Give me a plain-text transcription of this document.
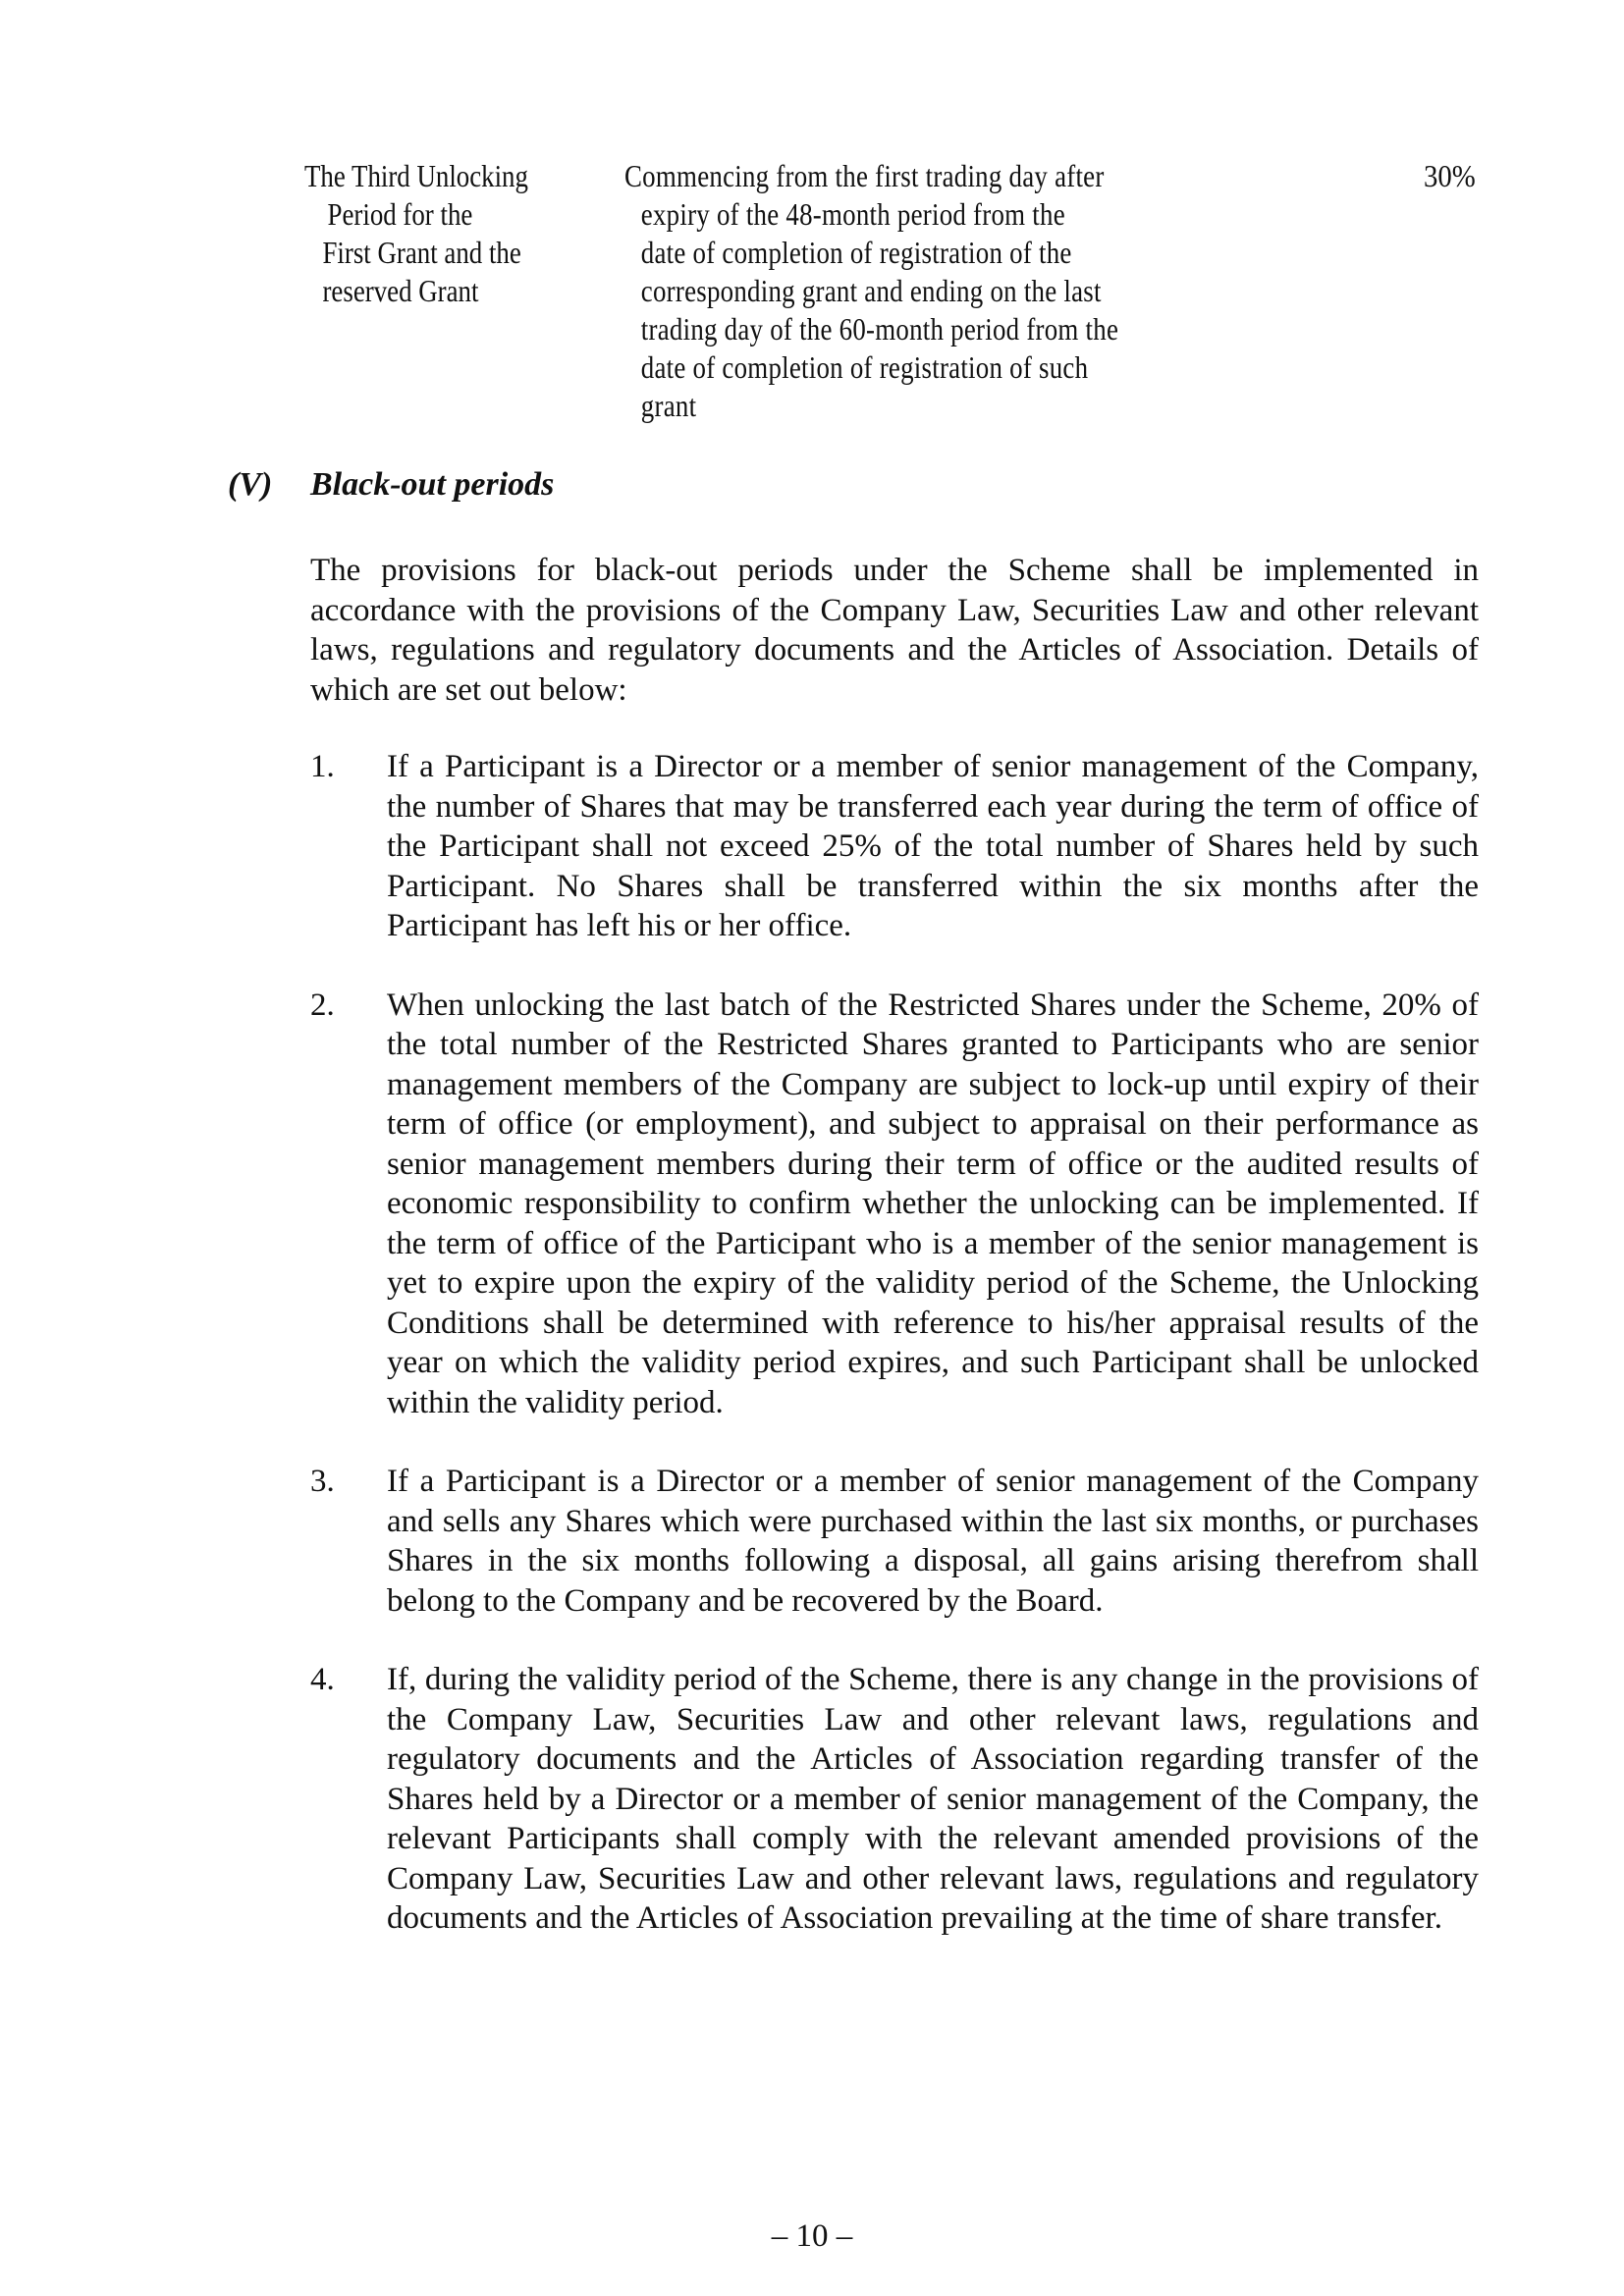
The Third Unlocking
Period for the
First Grant and the
reserved Grant
Commencing from the first trading day after
expiry of the 48-month period from the
date of completion of registration of the
corresponding grant and ending on the last
trading day of the 60-month period from the
date of completion of registration of such
grant
30%
(V) Black-out periods

The provisions for black-out periods under the Scheme shall be implemented in accordance with the provisions of the Company Law, Securities Law and other relevant laws, regulations and regulatory documents and the Articles of Association. Details of which are set out below:

1. If a Participant is a Director or a member of senior management of the Company, the number of Shares that may be transferred each year during the term of office of the Participant shall not exceed 25% of the total number of Shares held by such Participant. No Shares shall be transferred within the six months after the Participant has left his or her office.
2. When unlocking the last batch of the Restricted Shares under the Scheme, 20% of the total number of the Restricted Shares granted to Participants who are senior management members of the Company are subject to lock-up until expiry of their term of office (or employment), and subject to appraisal on their performance as senior management members during their term of office or the audited results of economic responsibility to confirm whether the unlocking can be implemented. If the term of office of the Participant who is a member of the senior management is yet to expire upon the expiry of the validity period of the Scheme, the Unlocking Conditions shall be determined with reference to his/her appraisal results of the year on which the validity period expires, and such Participant shall be unlocked within the validity period.
3. If a Participant is a Director or a member of senior management of the Company and sells any Shares which were purchased within the last six months, or purchases Shares in the six months following a disposal, all gains arising therefrom shall belong to the Company and be recovered by the Board.
4. If, during the validity period of the Scheme, there is any change in the provisions of the Company Law, Securities Law and other relevant laws, regulations and regulatory documents and the Articles of Association regarding transfer of the Shares held by a Director or a member of senior management of the Company, the relevant Participants shall comply with the relevant amended provisions of the Company Law, Securities Law and other relevant laws, regulations and regulatory documents and the Articles of Association prevailing at the time of share transfer.
– 10 –
